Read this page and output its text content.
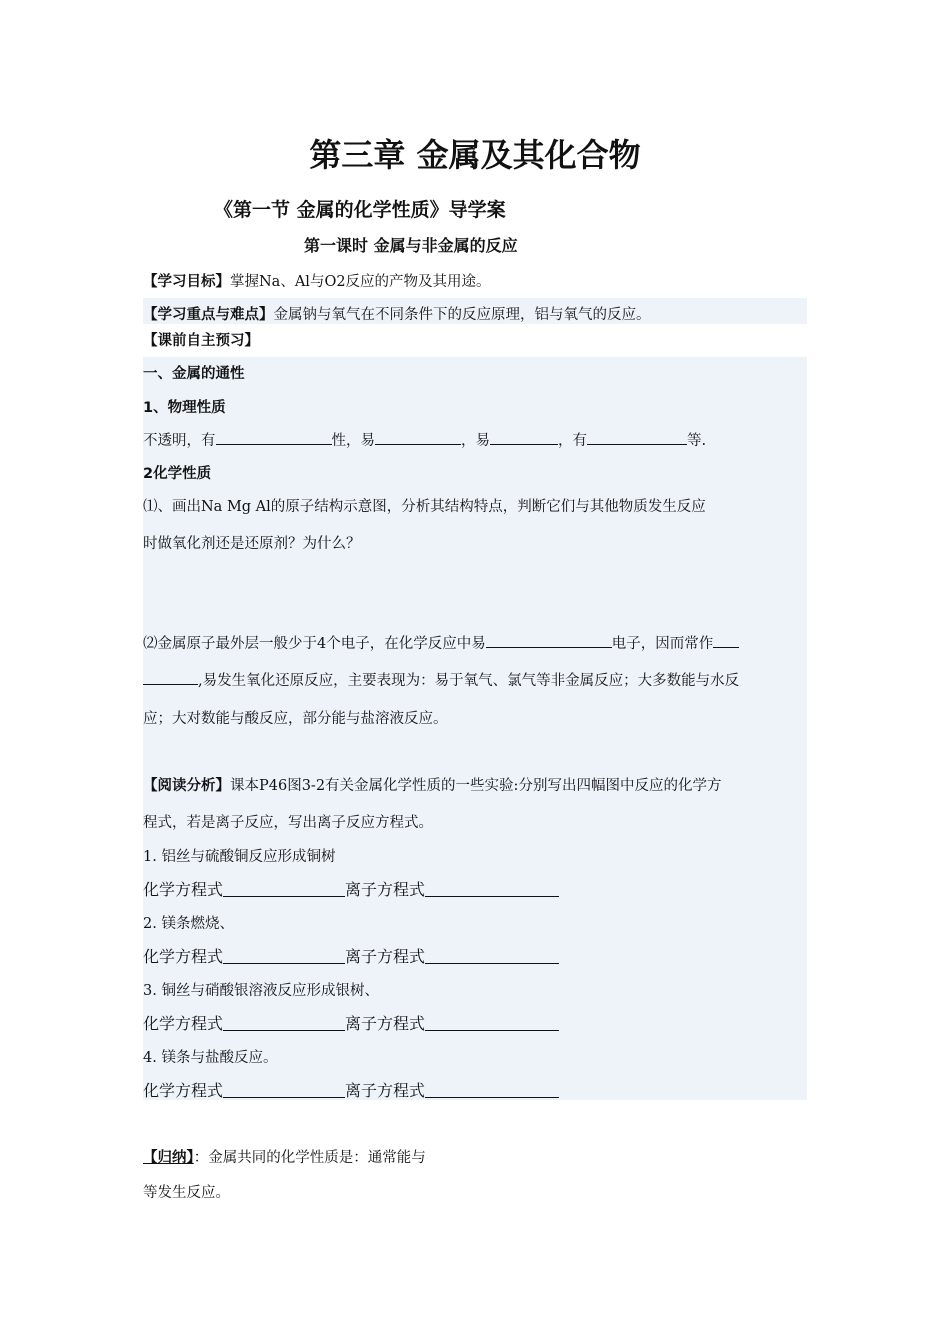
第三章 金属及其化合物
《第一节 金属的化学性质》导学案
第一课时 金属与非金属的反应
【学习目标】掌握Na、Al与O2反应的产物及其用途。
【学习重点与难点】金属钠与氧气在不同条件下的反应原理，铝与氧气的反应。
【课前自主预习】
一、金属的通性
1、物理性质
不透明，有	性，易	，易	，有	等.
2化学性质
⑴、画出Na Mg Al的原子结构示意图，分析其结构特点，判断它们与其他物质发生反应
时做氧化剂还是还原剂？为什么？
⑵金属原子最外层一般少于4个电子，在化学反应中易	电子，因而常作
,易发生氧化还原反应，主要表现为：易于氧气、氯气等非金属反应；大多数能与水反
应；大对数能与酸反应，部分能与盐溶液反应。
【阅读分析】课本P46图3-2有关金属化学性质的一些实验:分别写出四幅图中反应的化学方
程式，若是离子反应，写出离子反应方程式。
1. 铝丝与硫酸铜反应形成铜树
化学方程式	离子方程式
2. 镁条燃烧、
化学方程式	离子方程式
3. 铜丝与硝酸银溶液反应形成银树、
化学方程式	离子方程式
4. 镁条与盐酸反应。
化学方程式	离子方程式
【归纳】：金属共同的化学性质是：通常能与
等发生反应。
